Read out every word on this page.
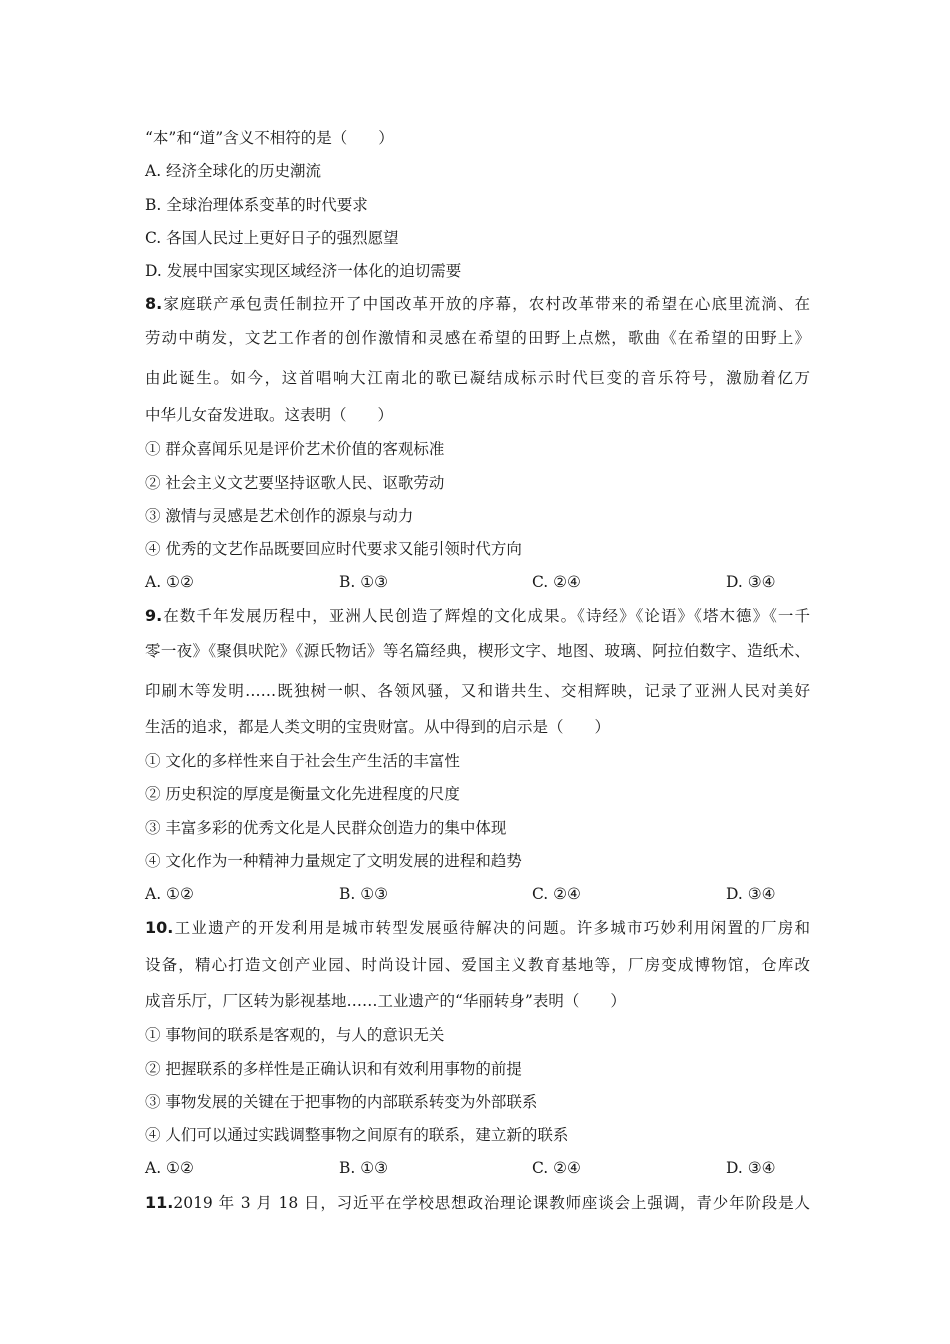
“本”和“道”含义不相符的是（　　）
A. 经济全球化的历史潮流
B. 全球治理体系变革的时代要求
C. 各国人民过上更好日子的强烈愿望
D. 发展中国家实现区域经济一体化的迫切需要
8.家庭联产承包责任制拉开了中国改革开放的序幕，农村改革带来的希望在心底里流淌、在
劳动中萌发，文艺工作者的创作激情和灵感在希望的田野上点燃，歌曲《在希望的田野上》
由此诞生。如今，这首唱响大江南北的歌已凝结成标示时代巨变的音乐符号，激励着亿万
中华儿女奋发进取。这表明（　　）
① 群众喜闻乐见是评价艺术价值的客观标准
② 社会主义文艺要坚持讴歌人民、讴歌劳动
③ 激情与灵感是艺术创作的源泉与动力
④ 优秀的文艺作品既要回应时代要求又能引领时代方向
A. ①②	B. ①③	C. ②④	D. ③④
9.在数千年发展历程中，亚洲人民创造了辉煌的文化成果。《诗经》《论语》《塔木德》《一千
零一夜》《聚俱吠陀》《源氏物话》等名篇经典，楔形文字、地图、玻璃、阿拉伯数字、造纸术、
印刷木等发明……既独树一帜、各领风骚，又和谐共生、交相辉映，记录了亚洲人民对美好
生活的追求，都是人类文明的宝贵财富。从中得到的启示是（　　）
① 文化的多样性来自于社会生产生活的丰富性
② 历史积淀的厚度是衡量文化先进程度的尺度
③ 丰富多彩的优秀文化是人民群众创造力的集中体现
④ 文化作为一种精神力量规定了文明发展的进程和趋势
A. ①②	B. ①③	C. ②④	D. ③④
10.工业遗产的开发利用是城市转型发展亟待解决的问题。许多城市巧妙利用闲置的厂房和
设备，精心打造文创产业园、时尚设计园、爱国主义教育基地等，厂房变成博物馆，仓库改
成音乐厅，厂区转为影视基地……工业遗产的“华丽转身”表明（　　）
① 事物间的联系是客观的，与人的意识无关
② 把握联系的多样性是正确认识和有效利用事物的前提
③ 事物发展的关键在于把事物的内部联系转变为外部联系
④ 人们可以通过实践调整事物之间原有的联系，建立新的联系
A. ①②	B. ①③	C. ②④	D. ③④
11.2019 年 3 月 18 日，习近平在学校思想政治理论课教师座谈会上强调，青少年阶段是人
